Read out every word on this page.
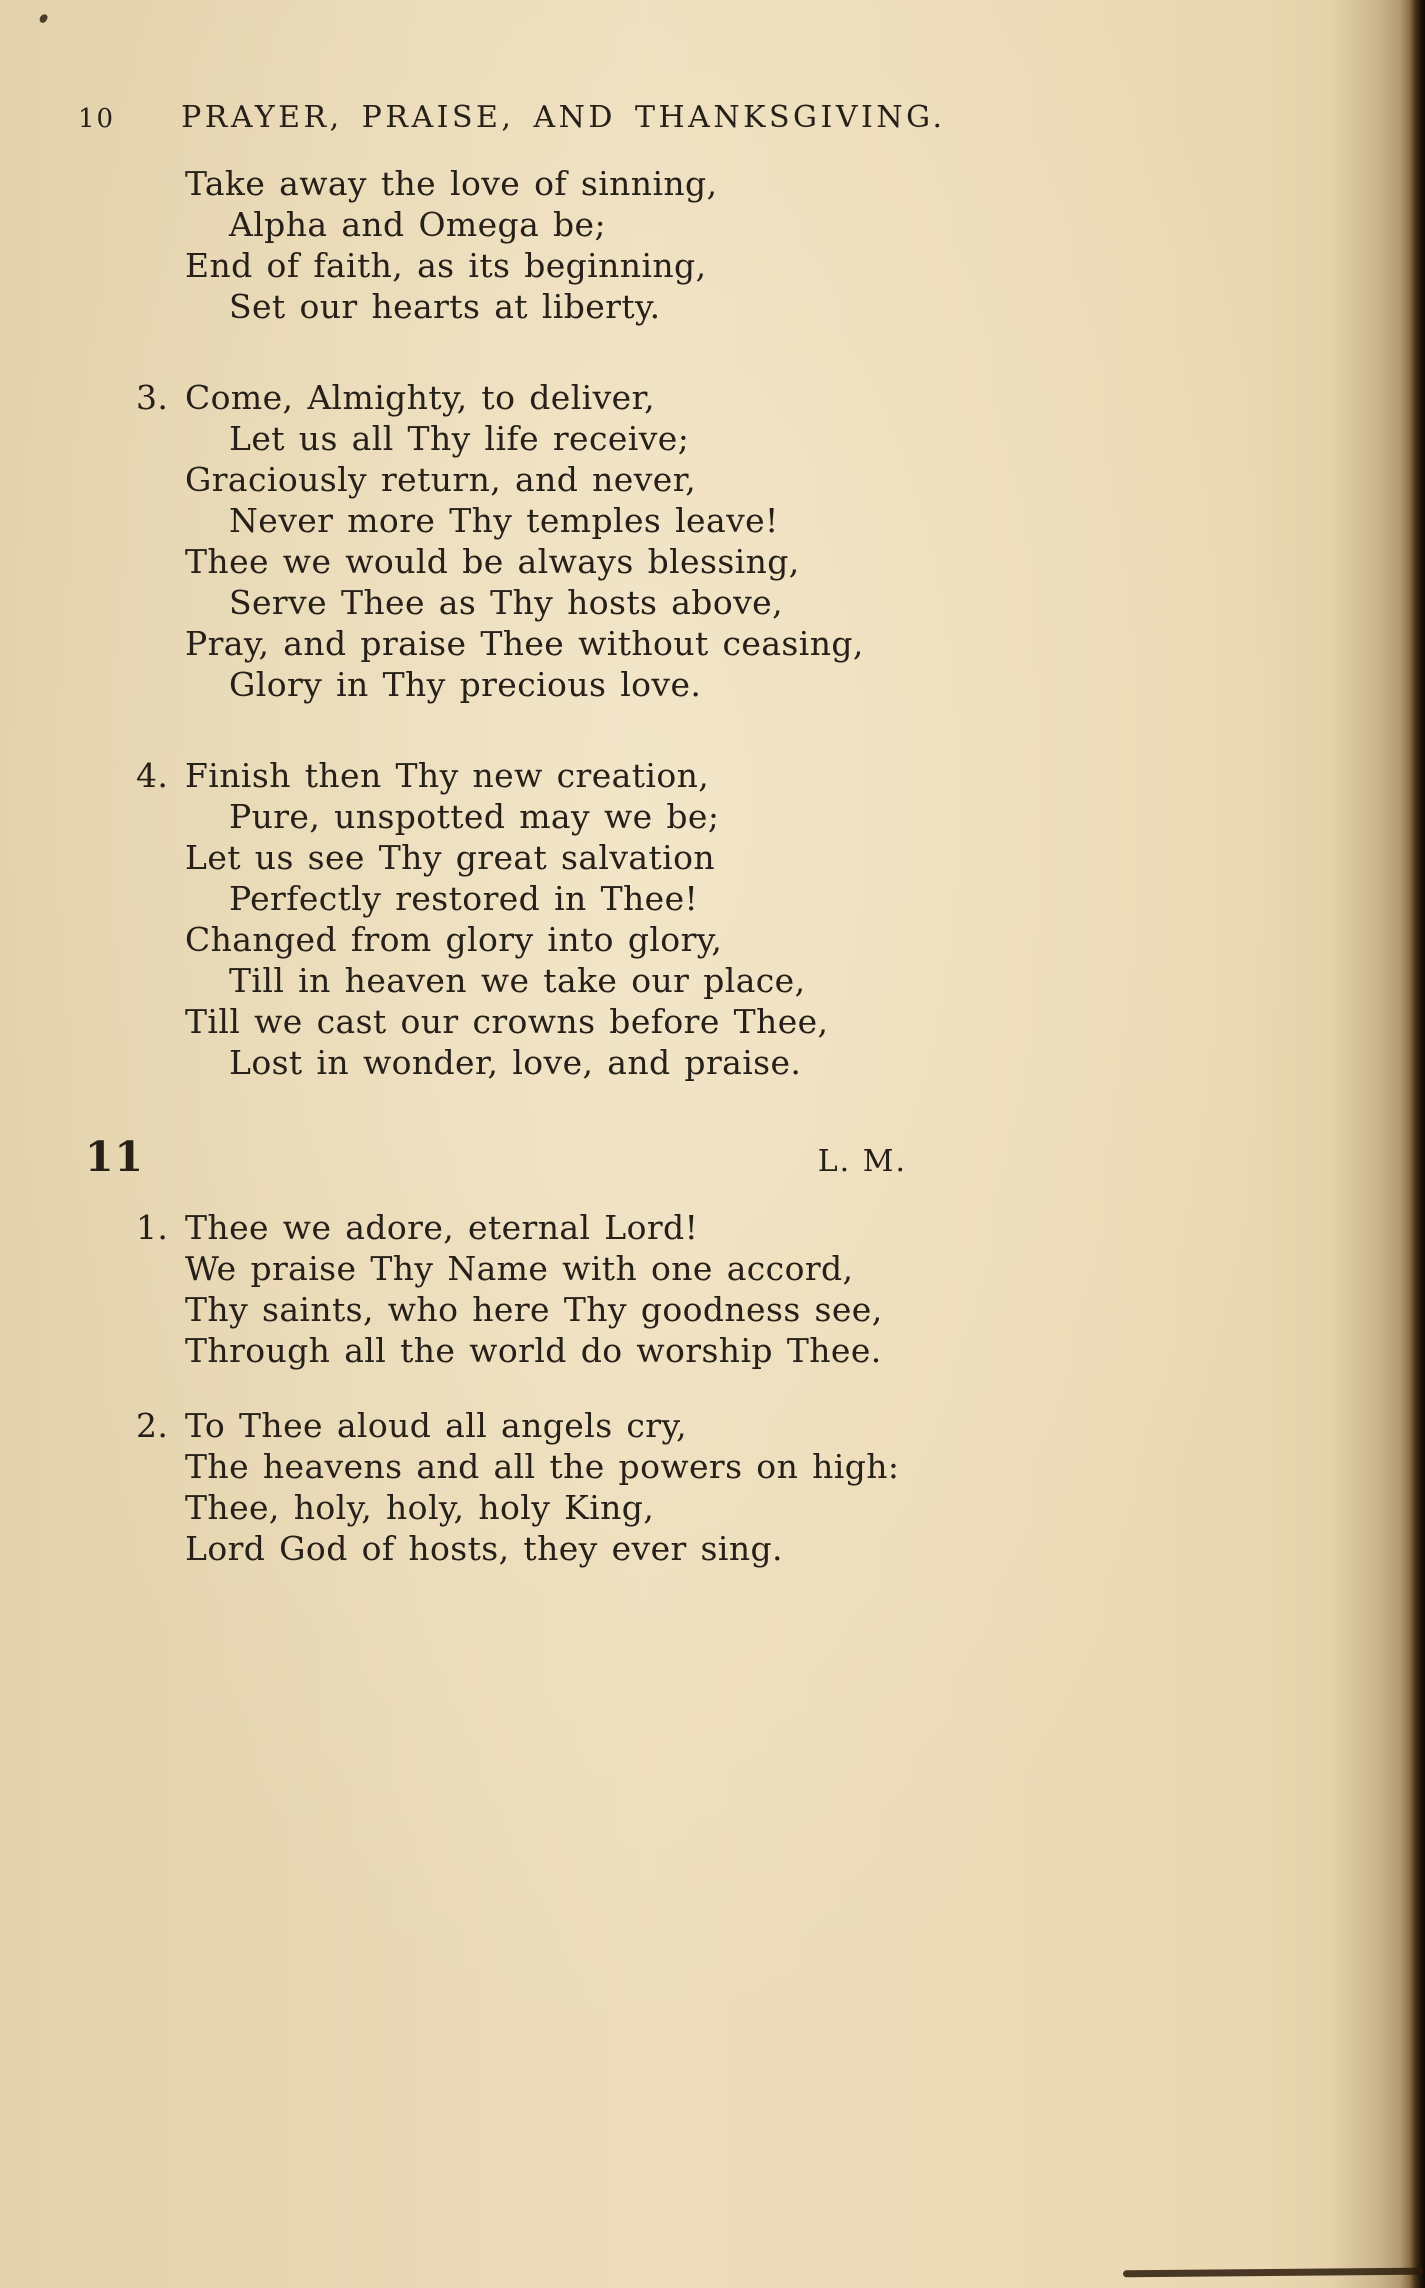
10 PRAYER, PRAISE, AND THANKSGIVING.
Take away the love of sinning,
Alpha and Omega be;
End of faith, as its beginning,
Set our hearts at liberty.
3. Come, Almighty, to deliver,
Let us all Thy life receive;
Graciously return, and never,
Never more Thy temples leave!
Thee we would be always blessing,
Serve Thee as Thy hosts above,
Pray, and praise Thee without ceasing,
Glory in Thy precious love.
4. Finish then Thy new creation,
Pure, unspotted may we be;
Let us see Thy great salvation
Perfectly restored in Thee!
Changed from glory into glory,
Till in heaven we take our place,
Till we cast our crowns before Thee,
Lost in wonder, love, and praise.
11	L. M.
1. Thee we adore, eternal Lord!
We praise Thy Name with one accord,
Thy saints, who here Thy goodness see,
Through all the world do worship Thee.
2. To Thee aloud all angels cry,
The heavens and all the powers on high:
Thee, holy, holy, holy King,
Lord God of hosts, they ever sing.
